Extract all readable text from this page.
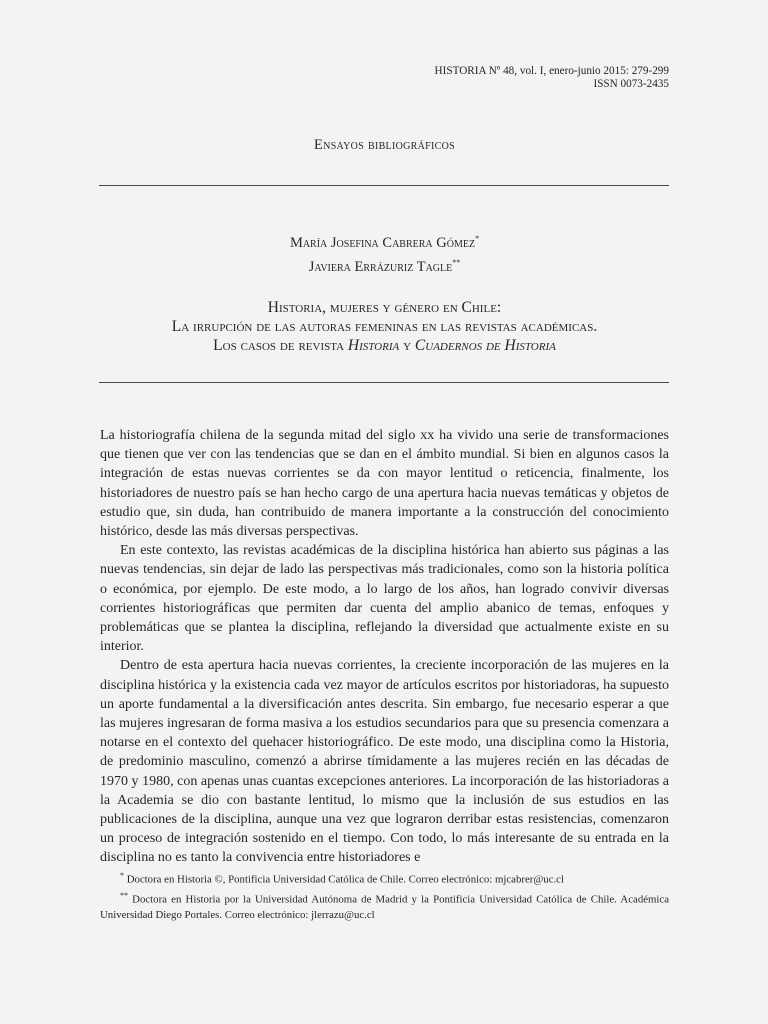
HISTORIA Nº 48, vol. I, enero-junio 2015: 279-299
ISSN 0073-2435
Ensayos bibliográficos
María Josefina Cabrera Gómez*
Javiera Errázuriz Tagle**
Historia, mujeres y género en Chile:
La irrupción de las autoras femeninas en las revistas académicas.
Los casos de revista Historia y Cuadernos de Historia

La historiografía chilena de la segunda mitad del siglo xx ha vivido una serie de transformaciones que tienen que ver con las tendencias que se dan en el ámbito mundial. Si bien en algunos casos la integración de estas nuevas corrientes se da con mayor lentitud o reticencia, finalmente, los historiadores de nuestro país se han hecho cargo de una apertura hacia nuevas temáticas y objetos de estudio que, sin duda, han contribuido de manera importante a la construcción del conocimiento histórico, desde las más diversas perspectivas.

En este contexto, las revistas académicas de la disciplina histórica han abierto sus páginas a las nuevas tendencias, sin dejar de lado las perspectivas más tradicionales, como son la historia política o económica, por ejemplo. De este modo, a lo largo de los años, han logrado convivir diversas corrientes historiográficas que permiten dar cuenta del amplio abanico de temas, enfoques y problemáticas que se plantea la disciplina, reflejando la diversidad que actualmente existe en su interior.

Dentro de esta apertura hacia nuevas corrientes, la creciente incorporación de las mujeres en la disciplina histórica y la existencia cada vez mayor de artículos escritos por historiadoras, ha supuesto un aporte fundamental a la diversificación antes descrita. Sin embargo, fue necesario esperar a que las mujeres ingresaran de forma masiva a los estudios secundarios para que su presencia comenzara a notarse en el contexto del quehacer historiográfico. De este modo, una disciplina como la Historia, de predominio masculino, comenzó a abrirse tímidamente a las mujeres recién en las décadas de 1970 y 1980, con apenas unas cuantas excepciones anteriores. La incorporación de las historiadoras a la Academia se dio con bastante lentitud, lo mismo que la inclusión de sus estudios en las publicaciones de la disciplina, aunque una vez que lograron derribar estas resistencias, comenzaron un proceso de integración sostenido en el tiempo. Con todo, lo más interesante de su entrada en la disciplina no es tanto la convivencia entre historiadores e

* Doctora en Historia ©, Pontificia Universidad Católica de Chile. Correo electrónico: mjcabrer@uc.cl

** Doctora en Historia por la Universidad Autónoma de Madrid y la Pontificia Universidad Católica de Chile. Académica Universidad Diego Portales. Correo electrónico: jlerrazu@uc.cl
